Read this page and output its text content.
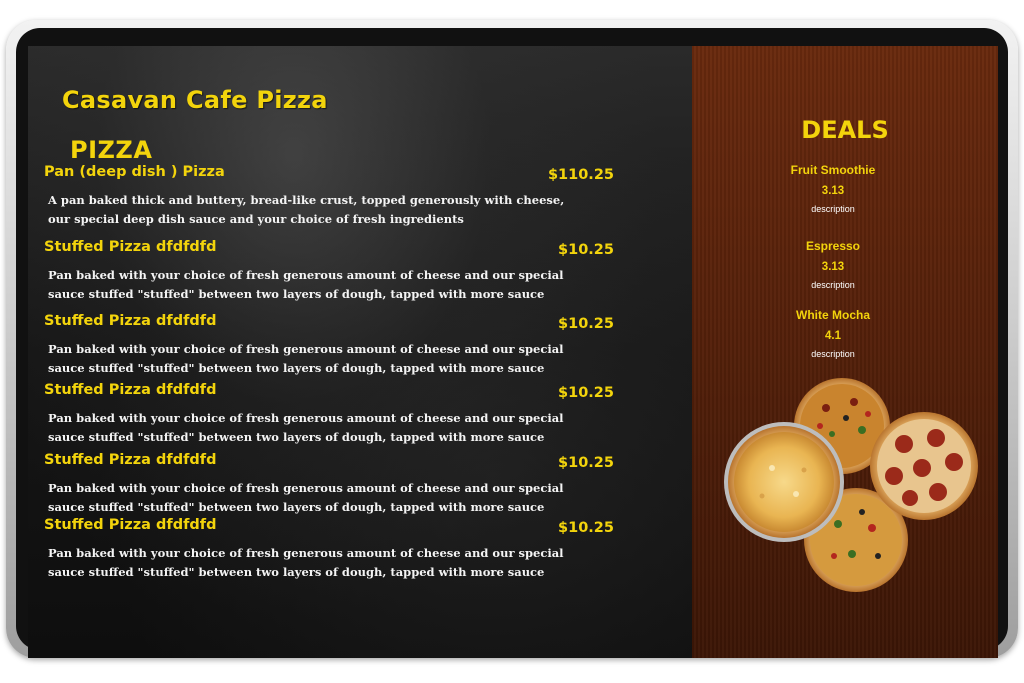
Casavan Cafe Pizza
PIZZA
Pan (deep dish ) Pizza	$110.25
A pan baked thick and buttery, bread-like crust, topped generously with cheese,
our special deep dish sauce and your choice of fresh ingredients
Stuffed Pizza dfdfdfd	$10.25
Pan baked with your choice of fresh generous amount of cheese and our special
sauce stuffed "stuffed" between two layers of dough, tapped with more sauce
Stuffed Pizza dfdfdfd	$10.25
Pan baked with your choice of fresh generous amount of cheese and our special
sauce stuffed "stuffed" between two layers of dough, tapped with more sauce
Stuffed Pizza dfdfdfd	$10.25
Pan baked with your choice of fresh generous amount of cheese and our special
sauce stuffed "stuffed" between two layers of dough, tapped with more sauce
Stuffed Pizza dfdfdfd	$10.25
Pan baked with your choice of fresh generous amount of cheese and our special
sauce stuffed "stuffed" between two layers of dough, tapped with more sauce
Stuffed Pizza dfdfdfd	$10.25
Pan baked with your choice of fresh generous amount of cheese and our special
sauce stuffed "stuffed" between two layers of dough, tapped with more sauce
DEALS
Fruit Smoothie
3.13
description
Espresso
3.13
description
White Mocha
4.1
description
